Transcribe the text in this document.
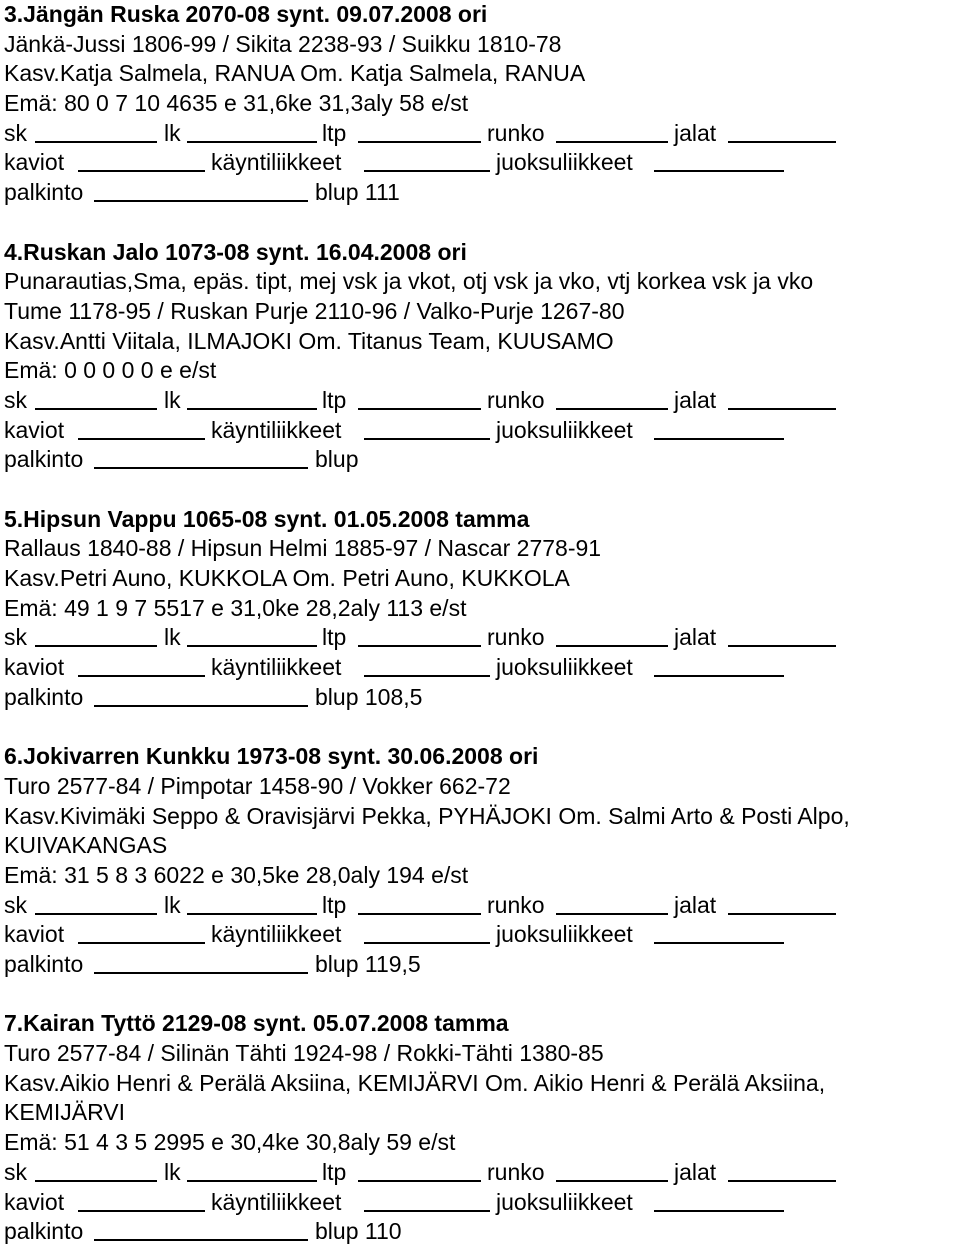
3.Jängän Ruska 2070-08 synt. 09.07.2008 ori
Jänkä-Jussi 1806-99 / Sikita 2238-93 / Suikku 1810-78
Kasv.Katja Salmela, RANUA Om. Katja Salmela, RANUA
Emä: 80 0 7 10 4635 e 31,6ke 31,3aly 58 e/st
sk	lk	ltp	runko	jalat
kaviot	käyntiliikkeet	juoksuliikkeet
palkinto	blup 111
4.Ruskan Jalo 1073-08 synt. 16.04.2008 ori
Punarautias,Sma, epäs. tipt, mej vsk ja vkot, otj vsk ja vko, vtj korkea vsk ja vko
Tume 1178-95 / Ruskan Purje 2110-96 / Valko-Purje 1267-80
Kasv.Antti Viitala, ILMAJOKI Om. Titanus Team, KUUSAMO
Emä: 0 0 0 0 0 e e/st
sk	lk	ltp	runko	jalat
kaviot	käyntiliikkeet	juoksuliikkeet
palkinto	blup
5.Hipsun Vappu 1065-08 synt. 01.05.2008 tamma
Rallaus 1840-88 / Hipsun Helmi 1885-97 / Nascar 2778-91
Kasv.Petri Auno, KUKKOLA Om. Petri Auno, KUKKOLA
Emä: 49 1 9 7 5517 e 31,0ke 28,2aly 113 e/st
sk	lk	ltp	runko	jalat
kaviot	käyntiliikkeet	juoksuliikkeet
palkinto	blup 108,5
6.Jokivarren Kunkku 1973-08 synt. 30.06.2008 ori
Turo 2577-84 / Pimpotar 1458-90 / Vokker 662-72
Kasv.Kivimäki Seppo & Oravisjärvi Pekka, PYHÄJOKI Om. Salmi Arto & Posti Alpo,
KUIVAKANGAS
Emä: 31 5 8 3 6022 e 30,5ke 28,0aly 194 e/st
sk	lk	ltp	runko	jalat
kaviot	käyntiliikkeet	juoksuliikkeet
palkinto	blup 119,5
7.Kairan Tyttö 2129-08 synt. 05.07.2008 tamma
Turo 2577-84 / Silinän Tähti 1924-98 / Rokki-Tähti 1380-85
Kasv.Aikio Henri & Perälä Aksiina, KEMIJÄRVI Om. Aikio Henri & Perälä Aksiina,
KEMIJÄRVI
Emä: 51 4 3 5 2995 e 30,4ke 30,8aly 59 e/st
sk	lk	ltp	runko	jalat
kaviot	käyntiliikkeet	juoksuliikkeet
palkinto	blup 110
